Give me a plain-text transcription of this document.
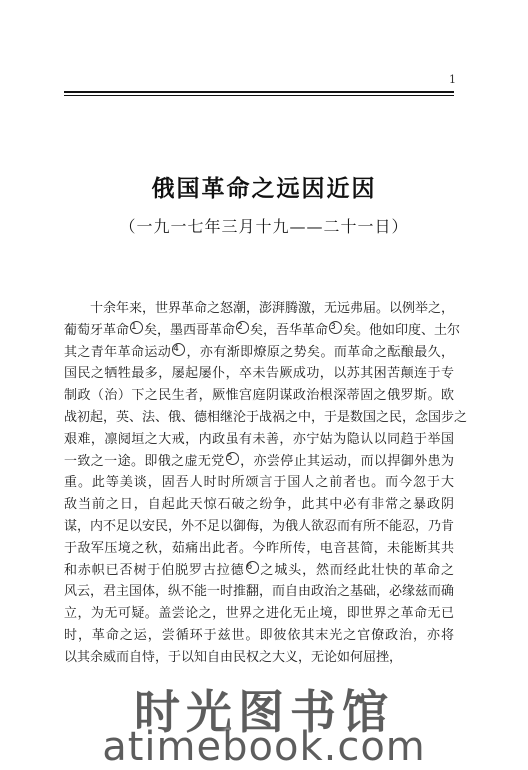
1
俄国革命之远因近因
（一九一七年三月十九——二十一日）

十余年来，世界革命之怒潮，澎湃腾激，无远弗届。以例举之，
葡萄牙革命 $^1$ 矣，墨西哥革命 $^2$ 矣，吾华革命 $^3$ 矣。他如印度、土尔
其之青年革命运动 $^4$ ，亦有渐即燎原之势矣。而革命之酝酿最久，
国民之牺牲最多，屡起屡仆，卒未告厥成功，以苏其困苦颠连于专
制政（治）下之民生者，厥惟宫庭阴谋政治根深蒂固之俄罗斯。欧
战初起，英、法、俄、德相继沦于战祸之中，于是数国之民，念国步之
艰难，凛阋垣之大戒，内政虽有未善，亦宁姑为隐认以同趋于举国
一致之一途。即俄之虚无党 $^5$ ，亦尝停止其运动，而以捍御外患为
重。此等美谈，固吾人时时所颂言于国人之前者也。而今忽于大
敌当前之日，自起此天惊石破之纷争，此其中必有非常之暴政阴
谋，内不足以安民，外不足以御侮，为俄人欲忍而有所不能忍，乃肯
于敌军压境之秋，茹痛出此者。今昨所传，电音甚简，未能断其共
和赤帜已否树于伯脱罗古拉德 $^6$ 之城头，然而经此壮快的革命之
风云，君主国体，纵不能一时推翻，而自由政治之基础，必缘兹而确
立，为无可疑。盖尝论之，世界之进化无止境，即世界之革命无已
时，革命之运，尝循环于兹世。即彼依其末光之官僚政治，亦将
以其余威而自恃，于以知自由民权之大义，无论如何屈挫，

时光图书馆
atimebook.com
